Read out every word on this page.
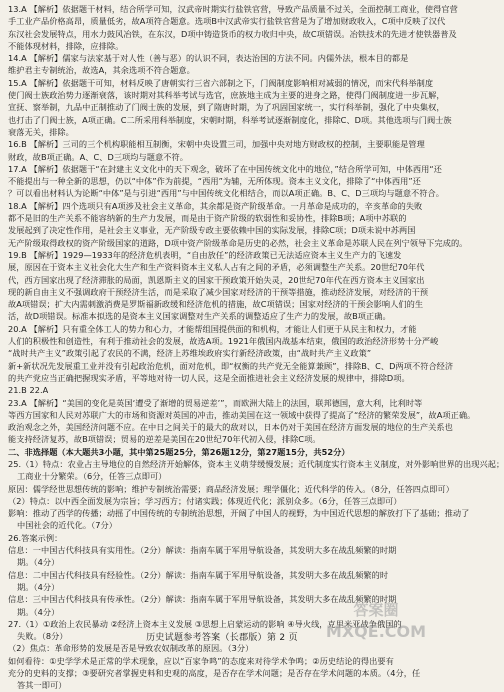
13.A 【解析】依据题干材料，结合所学可知，汉武帝时期实行盐铁官营，导致产品质量不过关，全面控制工商业，使得官营
手工业产品价格高昂，质量低劣，故A项符合题意。选项B中汉武帝实行盐铁官营是为了增加财政收入，C项中反映了汉代
东汉社会发展特点，用水力鼓风冶铁，在东汉，D项中铸造货币的权力收归中央，故C项错误。冶铁技术的先进才使铁器普及
不能体现材料，排除，应排除。
14.A 【解析】儒家与法家基于对人性（善与恶）的认识不同，表达治国的方法不同。内儒外法，根本目的都是
维护君主专制统治，故选A，其余选项不符合题意。
15.A 【解析】依据题干可知，材料反映了唐朝实行三省六部制之下，门阀制度影响相对减弱的情况，而宋代科举制度
使门阀士族政治势力逐渐衰落，该时期对其科举考试与选官，庶族地主成为主要的进身之路，使得门阀制度进一步瓦解，
宣抚、察举制，九品中正制推动了门阀士族的发展，到了隋唐时期，为了巩固国家统一，实行科举制，强化了中央集权，
也打击了门阀士族，A项正确。C二所采用科举制度，宋朝时期，科举考试逐渐制度化，排除C、D项。其他选项与门阀士族
衰落无关，排除。
16.B 【解析】三司的三个机构职能相互制衡，宋朝中央设置三司，加强中央对地方财政权的控制，主要职能是管理
财政，故B项正确。A、C、D三项均与题意不符。
17.A 【解析】依据题干“在封建主义文化中的天下观念，破坏了在中国传统文化中的地位，”结合所学可知，中体西用“还
不能提出与一种全新的思想，仍以“中体”作为前提，“西用”为辅，无所体现。资本主义文化，排除了“中体西用”还
？可以看出材料认为论断“中体”是与引进“西用”与中国传统文化相结合，而以A项正确。B、C、D三项均与题意不符合。
18.A 【解析】四个选项只有A项涉及社会主义革命，其余都是资产阶级革命。一月革命是成功的，辛亥革命的失败
都不是旧的生产关系不能容纳新的生产力发展，而是由于资产阶级的软弱性和妥协性，排除B项；A项中苏联的
发展起到了决定性作用，是社会主义事业，无产阶级专政主要依赖中国的实际发展，排除C项；D项未说中苏两国
无产阶级取得政权的资产阶级国家的道路，D项中资产阶级革命是历史的必然，社会主义革命是苏联人民在列宁领导下完成的。
19.B 【解析】1929—1933年的经济危机表明，“自由放任”的经济政策已无法适应资本主义生产力的飞速发
展，原因在于资本主义社会化大生产和生产资料资本主义私人占有之间的矛盾，必须调整生产关系。20世纪70年代
代，西方国家出现了经济滞胀的局面，凯恩斯主义的国家干预政策开始失灵，20世纪70年代在西方资本主义国家出
现的新自由主义不强调政府干预经济生活，而是采取了减少国家对经济的干预等措施，推动经济发展，对经济的干预
故A项错误；扩大内需刺激消费是罗斯福新政缓和经济危机的措施，故C项错误；国家对经济的干预会影响人们的生
活，故D项错误。标准本拟选的是资本主义国家调整对生产关系的调整适应了生产力的发展，故B项正确。
20.A 【解析】只有重全体工人的势力和心力，才能帮组国提供面的和机构，才能让人们更于从民主和权力，才能
人们的积极性和创造性，有利于推动社会的发展，故选A项。1921年俄国内战基本结束，俄国的政治经济形势十分严峻
“战时共产主义”政策引起了农民的不满，经济上苏维埃政府实行新经济政策，由“战时共产主义政策”
新+新状况先发展重工业并没有引起政治危机，面对危机，即“权衡的共产党无全能算兼顾”，排除B、C、D两项不符合经济
的共产党应当正确把握现实矛盾，平等地对待一切人民，这是全面推进社会主义经济发展的规律中，排除D项。
21.B 22.A
23.A 【解析】“美国的变化是英国‘遭受了渐增的贸易逆差’”，而欧洲大陆上的法国，联邦德国，意大利，比利时等
等西方国家和人民对苏联广大的市场和资源对英国的冲击，推动美国在这一领域中获得了提高了“经济的繁荣发展”，故A项正确。
政治观念之外，美国经济问题不应。在中日之间关于的最大的敌对以，日本仍对于美国在经济方面发展的地位的生产关系也
能支持经济复苏，故B项错误；贸易的逆差是美国在20世纪70年代初入侵，排除C项。
二、非选择题（本大题共3小题，其中第25题25分，第26题12分，第27题15分，共52分）
25.（1）特点：农业占主导地位的自然经济开始解体，资本主义萌芽缓慢发展；近代制度实行资本主义制度，对外影响世界的出现兴起；
工商业十分繁荣。（6分，任答三点即可）
原因：儒学经世思想传统的影响；维护专制统治需要；商品经济发展；理学僵化；近代科学的传入。（8分，任答四点即可）
（2）特点：以中西全面发展为宗旨；学习西方；付诸实践；体现近代化；派别众多。（6分，任答三点即可）
影响：推动了西学的传播；动摇了中国传统的专制统治思想，开阔了中国人的视野，为中国近代思想的解放打下了基础；推动了
中国社会的近代化。（7分）
26.答案示例：
信息：一中国古代科技具有实用性。（2分）解读：指南车属于军用导航设备，其发明大多在战乱频繁的时期
期。（4分）
信息：二中国古代科技具有经验性。（2分）解读：指南车属于军用导航设备，其发明大多在战乱频繁的时
期。（4分）
信息：三中国古代科技具有传承性。（2分）解读：指南车属于军用导航设备，其发明大多在战乱频繁的时期
期。（4分）
27.（1）①政治上农民暴动 ②经济上资本主义发展 ③思想上启蒙运动的影响 ④导火线，克里米亚战争俄国的
失败。（8分）
（2）焦点：革命形势的发展是否是导致农奴制改革的原因。（3分）
如何看待：①史学学术是正常的学术现象，应以“百家争鸣”的态度来对待学术争鸣；②历史结论的得出要有
充分的史料的支撑；③要研究者掌握史料和史观的高度，是否存在学术问题；是否存在学术问题的本质。（4分，任
答其一即可）
历史试题参考答案（长郡版）第 2 页
答案圈
MXQE.COM
